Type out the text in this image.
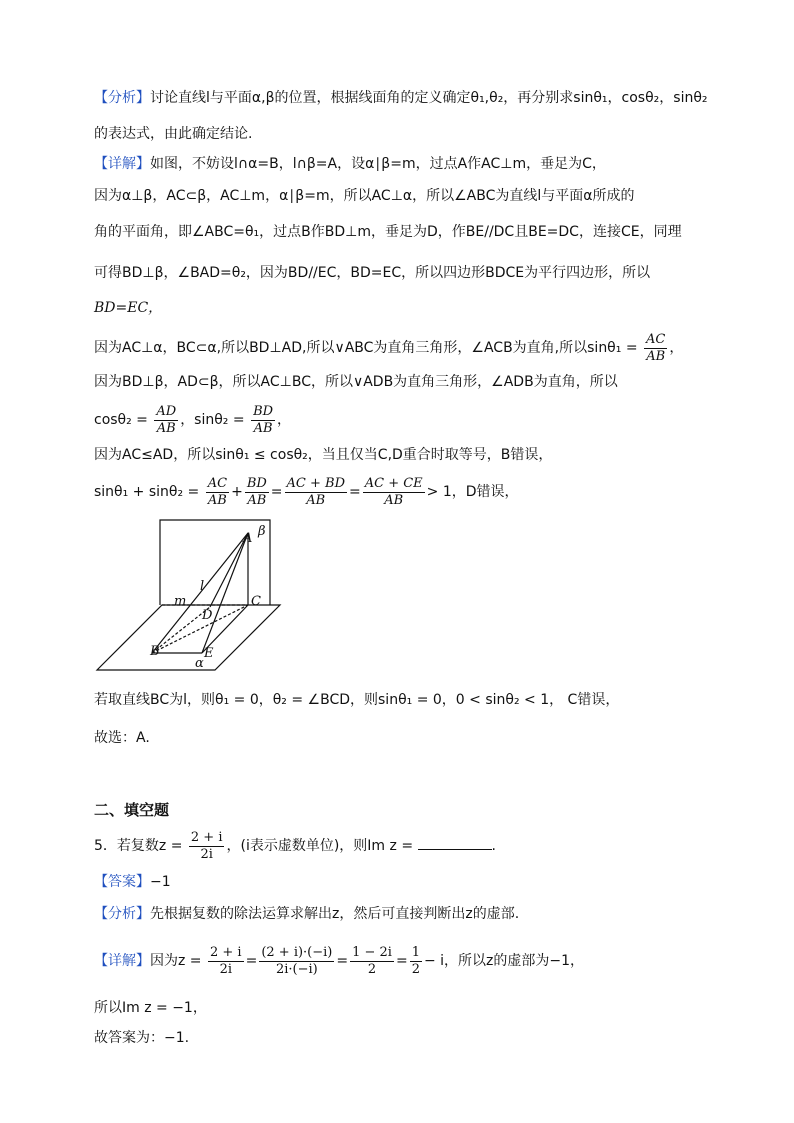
【分析】讨论直线l与平面α,β的位置，根据线面角的定义确定θ₁,θ₂，再分别求sinθ₁，cosθ₂，sinθ₂
的表达式，由此确定结论.
【详解】如图，不妨设l∩α=B，l∩β=A，设α∣β=m，过点A作AC⊥m，垂足为C，
因为α⊥β，AC⊂β，AC⊥m，α∣β=m，所以AC⊥α，所以∠ABC为直线l与平面α所成的
角的平面角，即∠ABC=θ₁，过点B作BD⊥m，垂足为D，作BE//DC且BE=DC，连接CE，同理
可得BD⊥β，∠BAD=θ₂，因为BD//EC，BD=EC，所以四边形BDCE为平行四边形，所以
BD=EC，
因为AC⊥α，BC⊂α,所以BD⊥AD,所以∨ABC为直角三角形，∠ACB为直角,所以$\sin\theta_1 = \frac{AC}{AB}$ ，
因为BD⊥β，AD⊂β，所以AC⊥BC，所以∨ADB为直角三角形，∠ADB为直角，所以
$\cos\theta_2 = \frac{AD}{AB}$ ，$\sin\theta_2 = \frac{BD}{AB}$ ，
因为AC≤AD，所以sinθ₁ ≤ cosθ₂，当且仅当C,D重合时取等号，B错误，
$\sin\theta_1 + \sin\theta_2 = \frac{AC}{AB} + \frac{BD}{AB} = \frac{AC + BD}{AB} = \frac{AC + CE}{AB} > 1$，D错误，
A β
l
m	C
D
B	E
α
若取直线BC为l，则θ₁ = 0，θ₂ = ∠BCD，则sinθ₁ = 0，0 < sinθ₂ < 1， C错误，
故选：A.
二、填空题
5．若复数$z = \frac{2 + i}{2i}$ ，(i表示虚数单位)，则Im z =	.
【答案】−1
【分析】先根据复数的除法运算求解出z，然后可直接判断出z的虚部.
【详解】因为$z = \frac{2 + i}{2i} = \frac{(2 + i)\cdot(-i)}{2i\cdot(-i)} = \frac{1 - 2i}{2} = \frac{1}{2} - i$，所以z的虚部为−1，
所以Im z = −1，
故答案为：−1.
